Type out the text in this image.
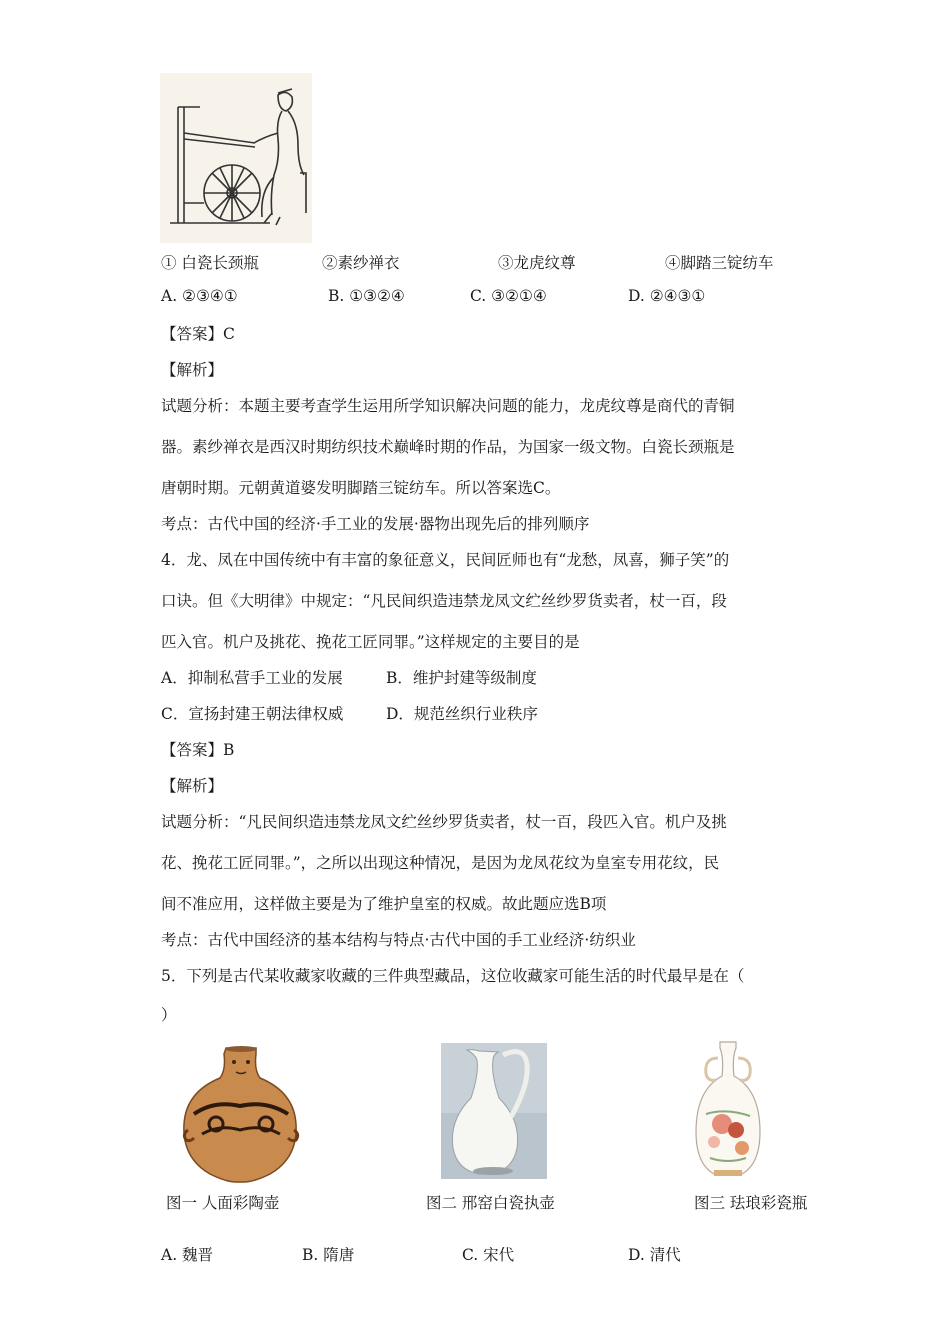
① 白瓷长颈瓶	②素纱禅衣	③龙虎纹尊	④脚踏三锭纺车
A. ②③④①	B. ①③②④	C. ③②①④	D. ②④③①
【答案】C
【解析】
试题分析：本题主要考查学生运用所学知识解决问题的能力，龙虎纹尊是商代的青铜
器。素纱禅衣是西汉时期纺织技术巅峰时期的作品，为国家一级文物。白瓷长颈瓶是
唐朝时期。元朝黄道婆发明脚踏三锭纺车。所以答案选C。
考点：古代中国的经济·手工业的发展·器物出现先后的排列顺序
4．龙、凤在中国传统中有丰富的象征意义，民间匠师也有“龙愁，凤喜，狮子笑”的
口诀。但《大明律》中规定：“凡民间织造违禁龙凤文纻丝纱罗货卖者，杖一百，段
匹入官。机户及挑花、挽花工匠同罪。”这样规定的主要目的是
A．抑制私营手工业的发展	B．维护封建等级制度
C．宣扬封建王朝法律权威	D．规范丝织行业秩序
【答案】B
【解析】
试题分析：“凡民间织造违禁龙凤文纻丝纱罗货卖者，杖一百，段匹入官。机户及挑
花、挽花工匠同罪。”，之所以出现这种情况，是因为龙凤花纹为皇室专用花纹，民
间不准应用，这样做主要是为了维护皇室的权威。故此题应选B项
考点：古代中国经济的基本结构与特点·古代中国的手工业经济·纺织业
5．下列是古代某收藏家收藏的三件典型藏品，这位收藏家可能生活的时代最早是在（
）
图一 人面彩陶壶	图二 邢窑白瓷执壶	图三 珐琅彩瓷瓶
A. 魏晋	B. 隋唐	C. 宋代	D. 清代
